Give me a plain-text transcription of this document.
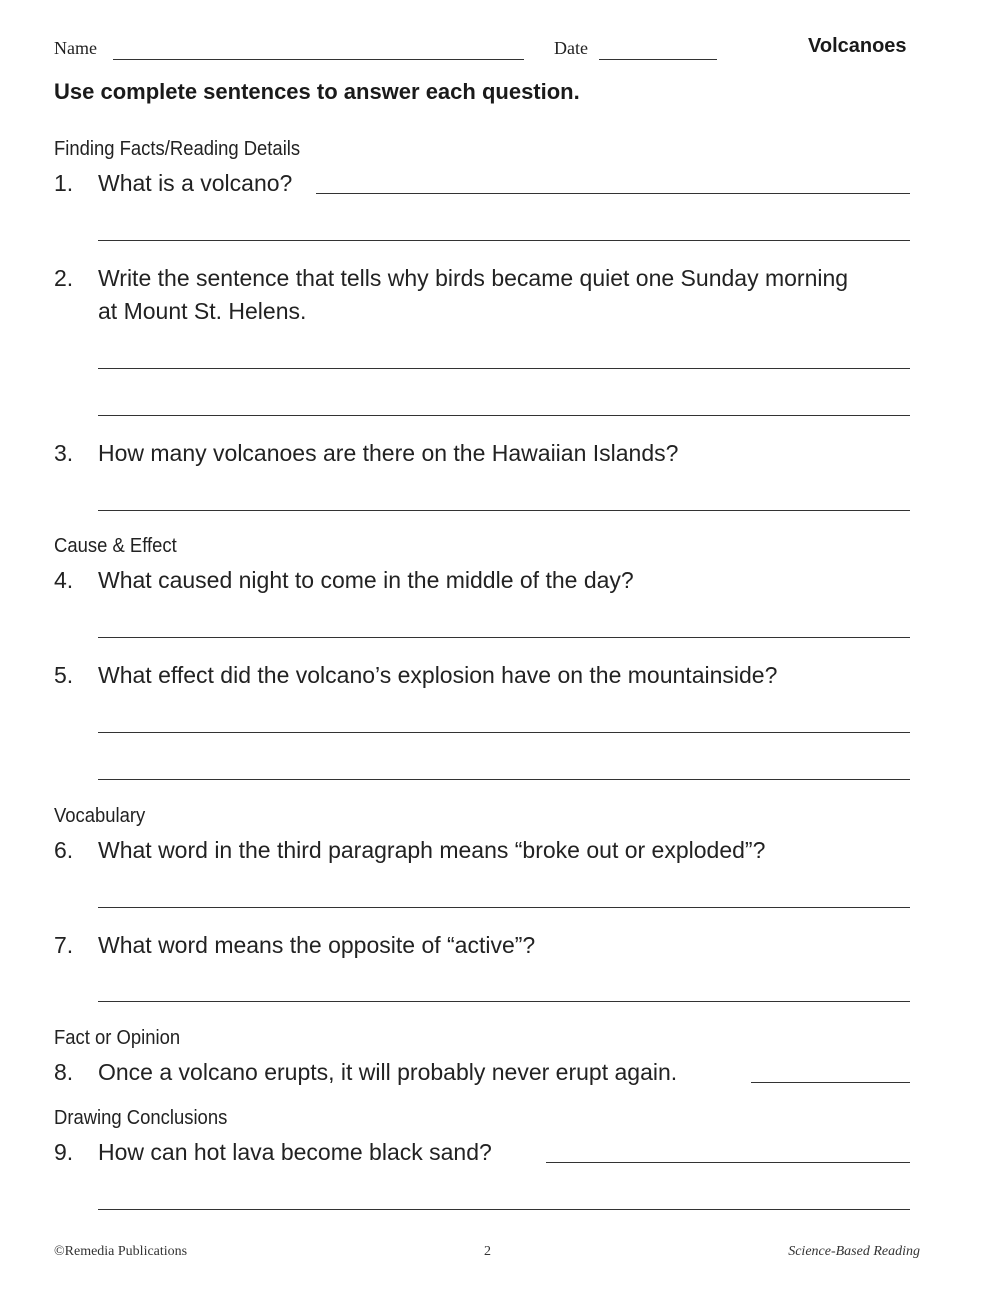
Name	Date	Volcanoes
Use complete sentences to answer each question.
Finding Facts/Reading Details
1. What is a volcano?
2. Write the sentence that tells why birds became quiet one Sunday morning
at Mount St. Helens.
3. How many volcanoes are there on the Hawaiian Islands?
Cause & Effect
4. What caused night to come in the middle of the day?
5. What effect did the volcano’s explosion have on the mountainside?
Vocabulary
6. What word in the third paragraph means “broke out or exploded”?
7. What word means the opposite of “active”?
Fact or Opinion
8. Once a volcano erupts, it will probably never erupt again.
Drawing Conclusions
9. How can hot lava become black sand?
©Remedia Publications	2	Science-Based Reading
